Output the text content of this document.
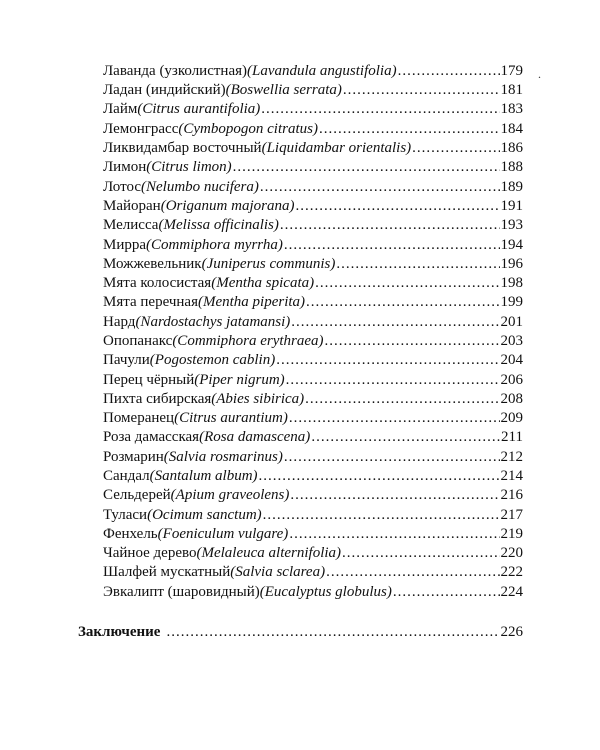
Лаванда (узколистная) (Lavandula angustifolia) .....	179
Ладан (индийский) (Boswellia serrata) .....	181
Лайм (Citrus aurantifolia) .....	183
Лемонграсс (Cymbopogon citratus) .....	184
Ликвидамбар восточный (Liquidambar orientalis) .....	186
Лимон (Citrus limon) .....	188
Лотос (Nelumbo nucifera) .....	189
Майоран (Origanum majorana) .....	191
Мелисса (Melissa officinalis) .....	193
Мирра (Commiphora myrrha) .....	194
Можжевельник (Juniperus communis) .....	196
Мята колосистая (Mentha spicata) .....	198
Мята перечная (Mentha piperita) .....	199
Нард (Nardostachys jatamansi) .....	201
Опопанакс (Commiphora erythraea) .....	203
Пачули (Pogostemon cablin) .....	204
Перец чёрный (Piper nigrum) .....	206
Пихта сибирская (Abies sibirica) .....	208
Померанец (Citrus aurantium) .....	209
Роза дамасская (Rosa damascena) .....	211
Розмарин (Salvia rosmarinus) .....	212
Сандал (Santalum album) .....	214
Сельдерей (Apium graveolens) .....	216
Туласи (Ocimum sanctum) .....	217
Фенхель (Foeniculum vulgare) .....	219
Чайное дерево (Melaleuca alternifolia) .....	220
Шалфей мускатный (Salvia sclarea) .....	222
Эвкалипт (шаровидный) (Eucalyptus globulus) .....	224
Заключение .....	226
.
